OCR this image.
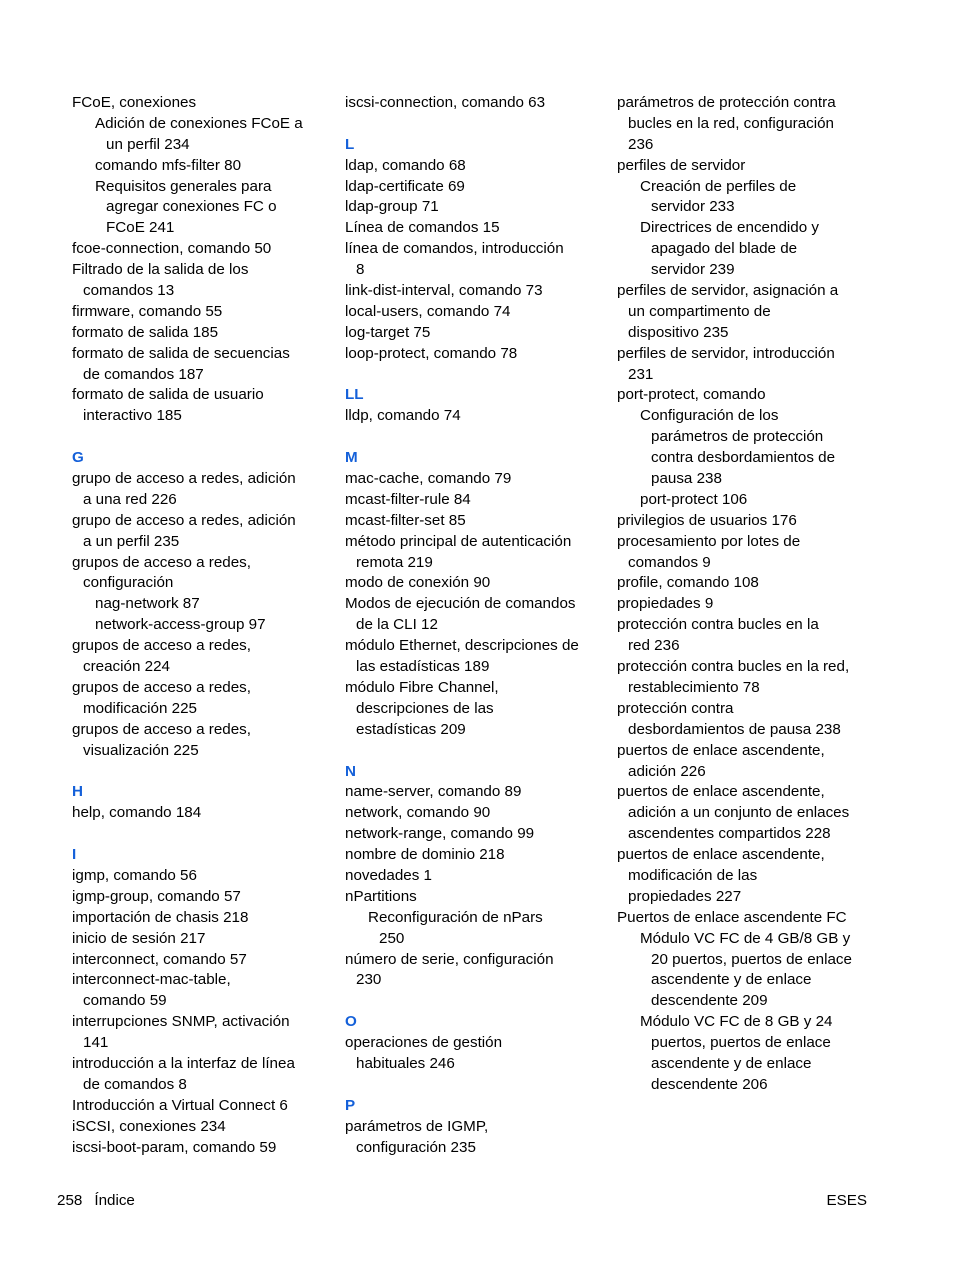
FCoE, conexiones
Adición de conexiones FCoE a
un perfil 234
comando mfs-filter 80
Requisitos generales para
agregar conexiones FC o
FCoE 241
fcoe-connection, comando 50
Filtrado de la salida de los
comandos 13
firmware, comando 55
formato de salida 185
formato de salida de secuencias
de comandos 187
formato de salida de usuario
interactivo 185
G
grupo de acceso a redes, adición
a una red 226
grupo de acceso a redes, adición
a un perfil 235
grupos de acceso a redes,
configuración
nag-network 87
network-access-group 97
grupos de acceso a redes,
creación 224
grupos de acceso a redes,
modificación 225
grupos de acceso a redes,
visualización 225
H
help, comando 184
I
igmp, comando 56
igmp-group, comando 57
importación de chasis 218
inicio de sesión 217
interconnect, comando 57
interconnect-mac-table,
comando 59
interrupciones SNMP, activación
141
introducción a la interfaz de línea
de comandos 8
Introducción a Virtual Connect 6
iSCSI, conexiones 234
iscsi-boot-param, comando 59
iscsi-connection, comando 63
L
ldap, comando 68
ldap-certificate 69
ldap-group 71
Línea de comandos 15
línea de comandos, introducción
8
link-dist-interval, comando 73
local-users, comando 74
log-target 75
loop-protect, comando 78
LL
lldp, comando 74
M
mac-cache, comando 79
mcast-filter-rule 84
mcast-filter-set 85
método principal de autenticación
remota 219
modo de conexión 90
Modos de ejecución de comandos
de la CLI 12
módulo Ethernet, descripciones de
las estadísticas 189
módulo Fibre Channel,
descripciones de las
estadísticas 209
N
name-server, comando 89
network, comando 90
network-range, comando 99
nombre de dominio 218
novedades 1
nPartitions
Reconfiguración de nPars
250
número de serie, configuración
230
O
operaciones de gestión
habituales 246
P
parámetros de IGMP,
configuración 235
parámetros de protección contra
bucles en la red, configuración
236
perfiles de servidor
Creación de perfiles de
servidor 233
Directrices de encendido y
apagado del blade de
servidor 239
perfiles de servidor, asignación a
un compartimento de
dispositivo 235
perfiles de servidor, introducción
231
port-protect, comando
Configuración de los
parámetros de protección
contra desbordamientos de
pausa 238
port-protect 106
privilegios de usuarios 176
procesamiento por lotes de
comandos 9
profile, comando 108
propiedades 9
protección contra bucles en la
red 236
protección contra bucles en la red,
restablecimiento 78
protección contra
desbordamientos de pausa 238
puertos de enlace ascendente,
adición 226
puertos de enlace ascendente,
adición a un conjunto de enlaces
ascendentes compartidos 228
puertos de enlace ascendente,
modificación de las
propiedades 227
Puertos de enlace ascendente FC
Módulo VC FC de 4 GB/8 GB y
20 puertos, puertos de enlace
ascendente y de enlace
descendente 209
Módulo VC FC de 8 GB y 24
puertos, puertos de enlace
ascendente y de enlace
descendente 206
258 Índice	ESES
